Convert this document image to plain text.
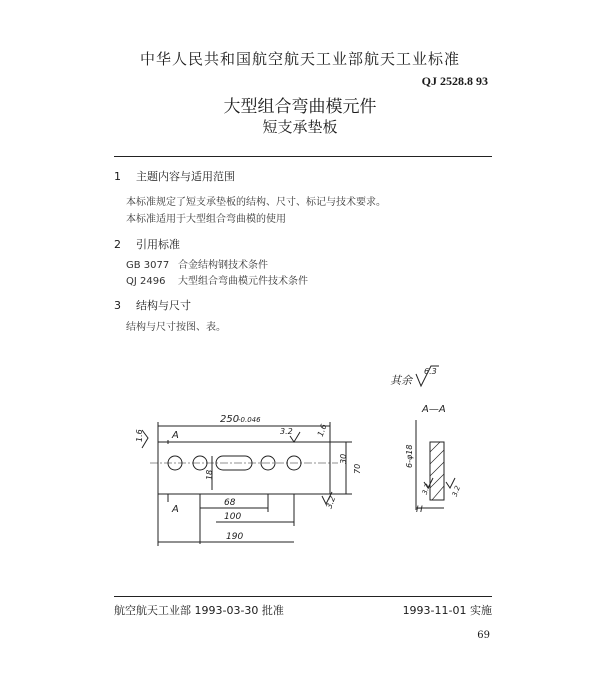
中华人民共和国航空航天工业部航天工业标准
QJ 2528.8 93
大型组合弯曲模元件
短支承垫板
1 主题内容与适用范围
本标准规定了短支承垫板的结构、尺寸、标记与技术要求。
本标准适用于大型组合弯曲模的使用
2 引用标准
GB 3077 合金结构钢技术条件
QJ 2496 大型组合弯曲模元件技术条件
3 结构与尺寸
结构与尺寸按图、表。
其余
6.3
250
-0.046
A
A
1.6	3.2	1.6
3.2
30
70
18
68
100
190
A—A
6-φ18
H
3.2	3.2
航空航天工业部 1993-03-30 批准	1993-11-01 实施
69
